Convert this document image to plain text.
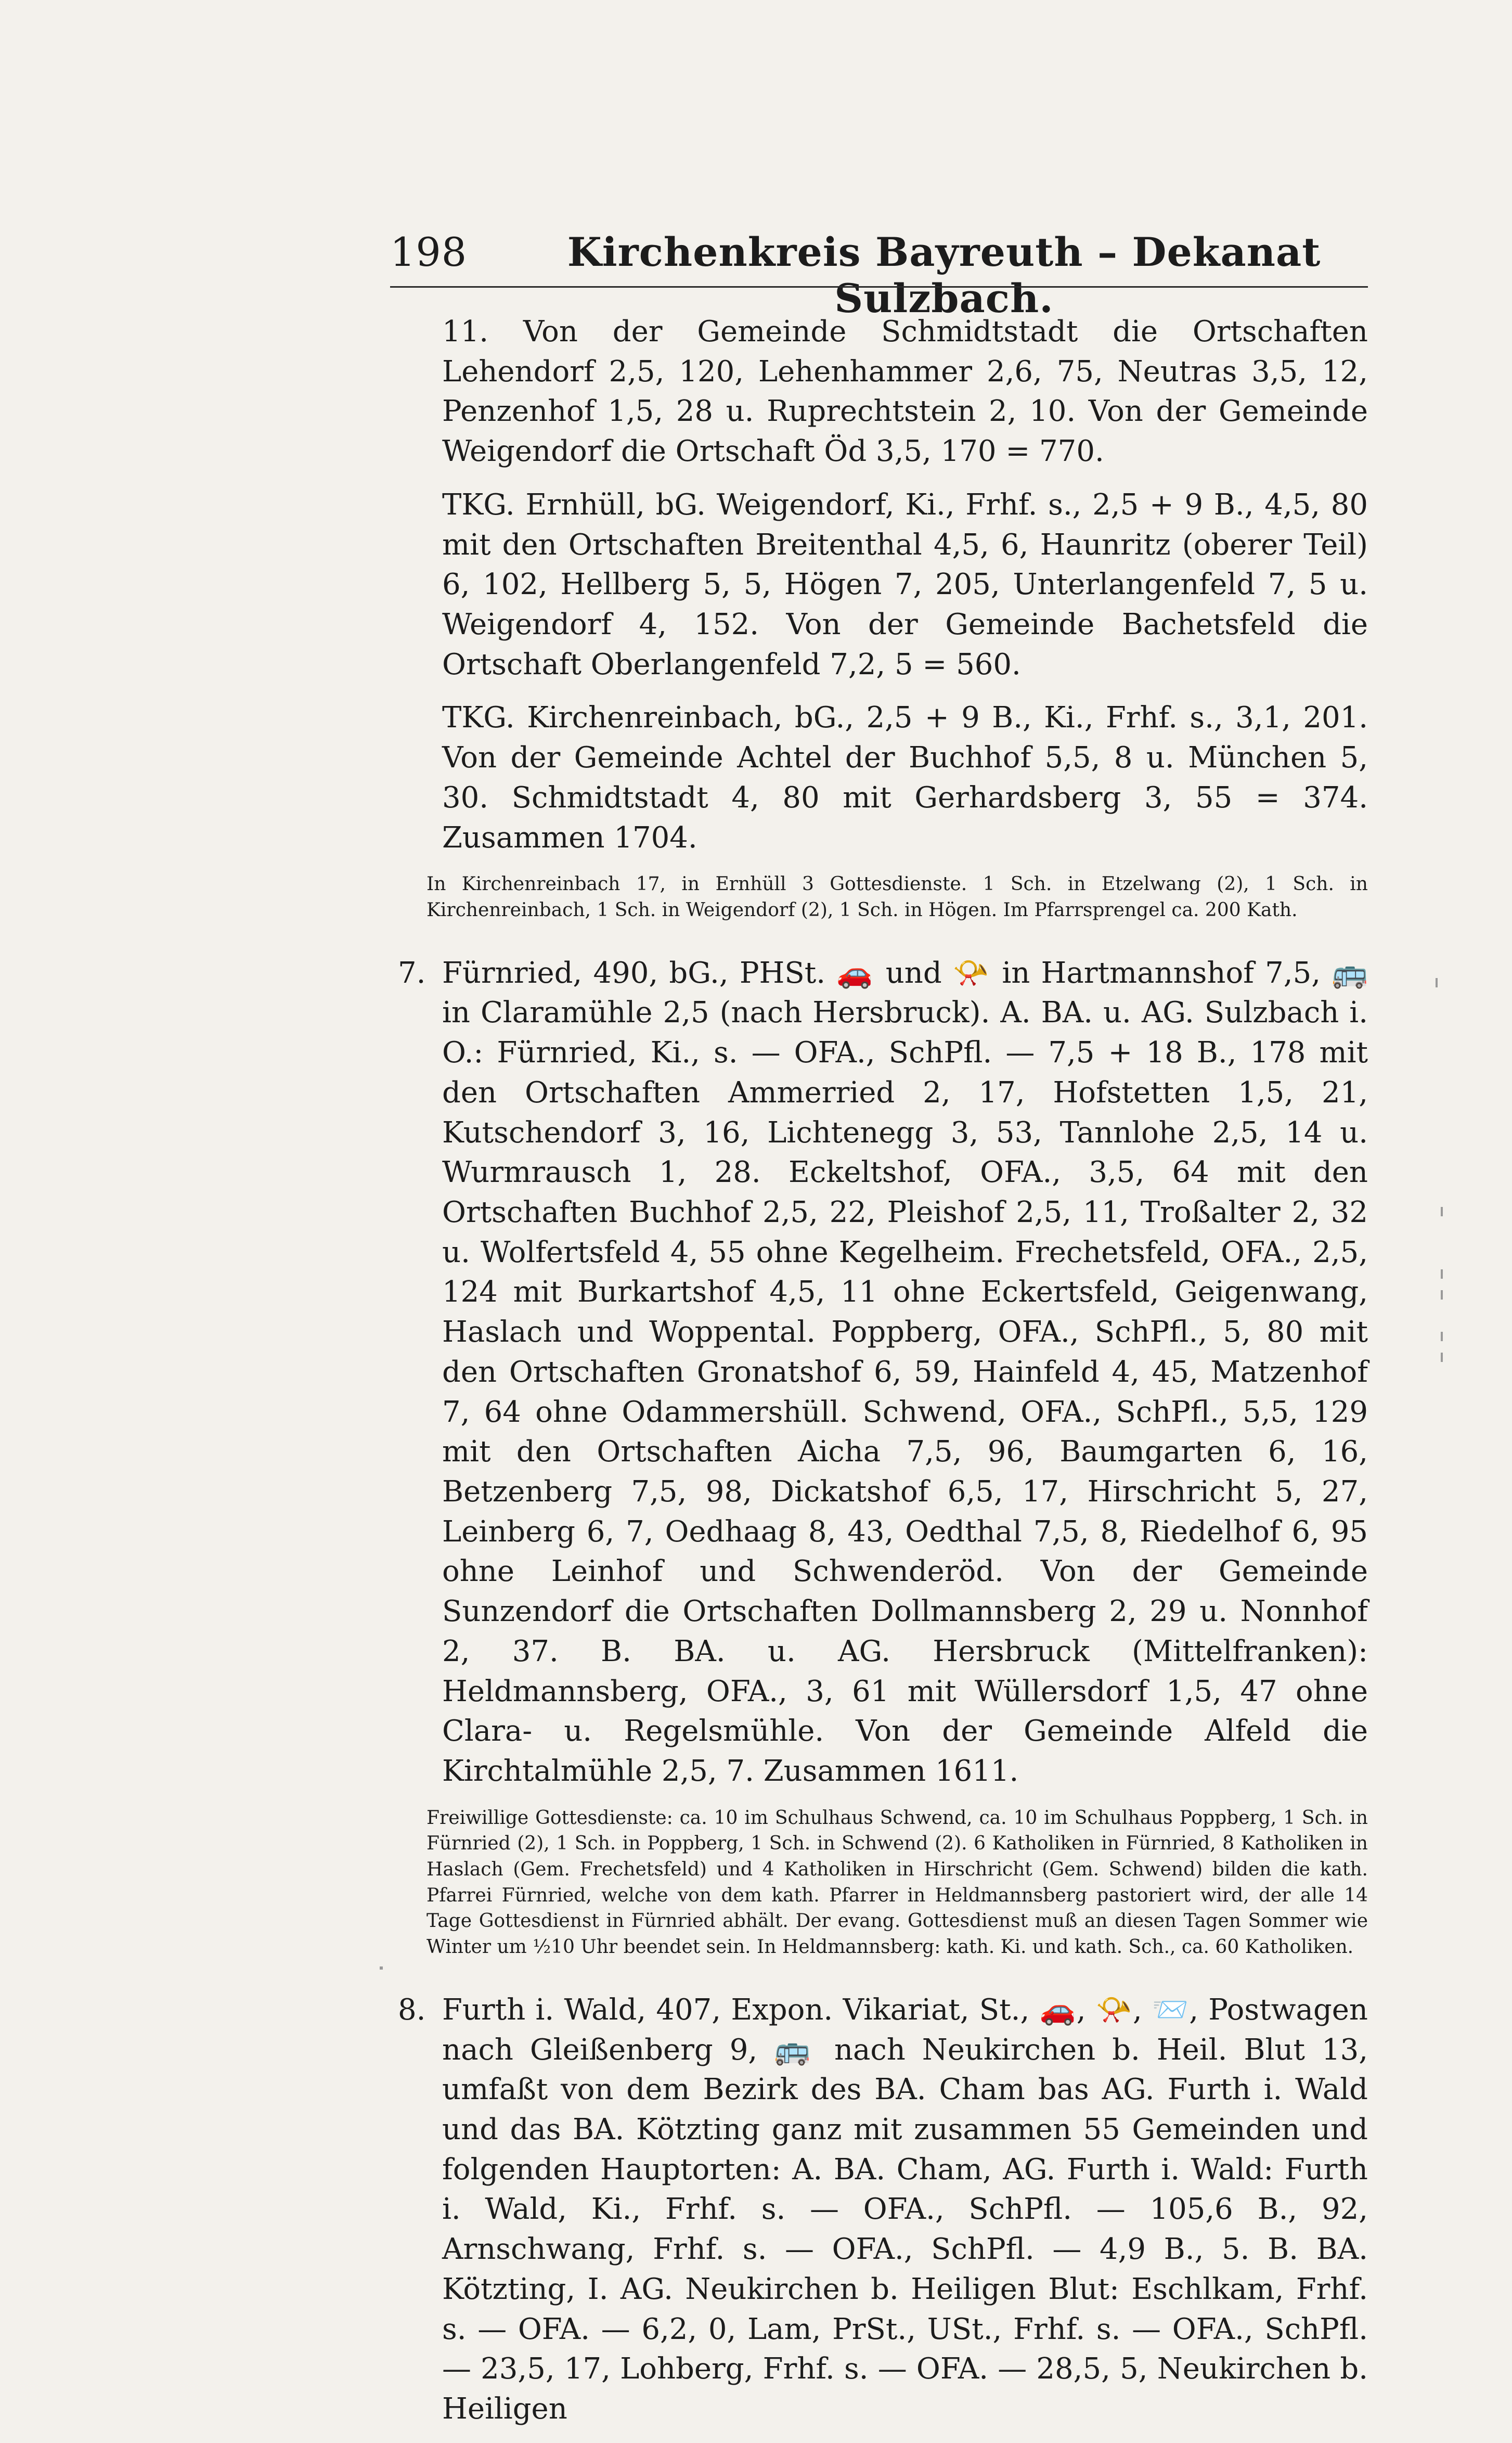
198	Kirchenkreis Bayreuth – Dekanat Sulzbach.

11. Von der Gemeinde Schmidtstadt die Ortschaften Lehendorf 2,5, 120, Lehenhammer 2,6, 75, Neutras 3,5, 12, Penzenhof 1,5, 28 u. Ruprechtstein 2, 10. Von der Gemeinde Weigendorf die Ortschaft Öd 3,5, 170 = 770.

TKG. Ernhüll, bG. Weigendorf, Ki., Frhf. s., 2,5 + 9 B., 4,5, 80 mit den Ortschaften Breitenthal 4,5, 6, Haunritz (oberer Teil) 6, 102, Hellberg 5, 5, Högen 7, 205, Unterlangenfeld 7, 5 u. Weigendorf 4, 152. Von der Gemeinde Bachetsfeld die Ortschaft Oberlangenfeld 7,2, 5 = 560.

TKG. Kirchenreinbach, bG., 2,5 + 9 B., Ki., Frhf. s., 3,1, 201. Von der Gemeinde Achtel der Buchhof 5,5, 8 u. München 5, 30. Schmidtstadt 4, 80 mit Gerhardsberg 3, 55 = 374. Zusammen 1704.

In Kirchenreinbach 17, in Ernhüll 3 Gottesdienste. 1 Sch. in Etzelwang (2), 1 Sch. in Kirchenreinbach, 1 Sch. in Weigendorf (2), 1 Sch. in Högen. Im Pfarrsprengel ca. 200 Kath.

7. Fürnried, 490, bG., PHSt. 🚗 und 📯 in Hartmannshof 7,5, 🚌 in Claramühle 2,5 (nach Hersbruck). A. BA. u. AG. Sulzbach i. O.: Fürnried, Ki., s. — OFA., SchPfl. — 7,5 + 18 B., 178 mit den Ortschaften Ammerried 2, 17, Hofstetten 1,5, 21, Kutschendorf 3, 16, Lichtenegg 3, 53, Tannlohe 2,5, 14 u. Wurmrausch 1, 28. Eckeltshof, OFA., 3,5, 64 mit den Ortschaften Buchhof 2,5, 22, Pleishof 2,5, 11, Troßalter 2, 32 u. Wolfertsfeld 4, 55 ohne Kegelheim. Frechetsfeld, OFA., 2,5, 124 mit Burkartshof 4,5, 11 ohne Eckertsfeld, Geigenwang, Haslach und Woppental. Poppberg, OFA., SchPfl., 5, 80 mit den Ortschaften Gronatshof 6, 59, Hainfeld 4, 45, Matzenhof 7, 64 ohne Odammershüll. Schwend, OFA., SchPfl., 5,5, 129 mit den Ortschaften Aicha 7,5, 96, Baumgarten 6, 16, Betzenberg 7,5, 98, Dickatshof 6,5, 17, Hirschricht 5, 27, Leinberg 6, 7, Oedhaag 8, 43, Oedthal 7,5, 8, Riedelhof 6, 95 ohne Leinhof und Schwenderöd. Von der Gemeinde Sunzendorf die Ortschaften Dollmannsberg 2, 29 u. Nonnhof 2, 37. B. BA. u. AG. Hersbruck (Mittelfranken): Heldmannsberg, OFA., 3, 61 mit Wüllersdorf 1,5, 47 ohne Clara- u. Regelsmühle. Von der Gemeinde Alfeld die Kirchtalmühle 2,5, 7. Zusammen 1611.

Freiwillige Gottesdienste: ca. 10 im Schulhaus Schwend, ca. 10 im Schulhaus Poppberg, 1 Sch. in Fürnried (2), 1 Sch. in Poppberg, 1 Sch. in Schwend (2). 6 Katholiken in Fürnried, 8 Katholiken in Haslach (Gem. Frechetsfeld) und 4 Katholiken in Hirschricht (Gem. Schwend) bilden die kath. Pfarrei Fürnried, welche von dem kath. Pfarrer in Heldmannsberg pastoriert wird, der alle 14 Tage Gottesdienst in Fürnried abhält. Der evang. Gottesdienst muß an diesen Tagen Sommer wie Winter um ½10 Uhr beendet sein. In Heldmannsberg: kath. Ki. und kath. Sch., ca. 60 Katholiken.

8. Furth i. Wald, 407, Expon. Vikariat, St., 🚗, 📯, 📨, Postwagen nach Gleißenberg 9, 🚌 nach Neukirchen b. Heil. Blut 13, umfaßt von dem Bezirk des BA. Cham bas AG. Furth i. Wald und das BA. Kötzting ganz mit zusammen 55 Gemeinden und folgenden Hauptorten: A. BA. Cham, AG. Furth i. Wald: Furth i. Wald, Ki., Frhf. s. — OFA., SchPfl. — 105,6 B., 92, Arnschwang, Frhf. s. — OFA., SchPfl. — 4,9 B., 5. B. BA. Kötzting, I. AG. Neukirchen b. Heiligen Blut: Eschlkam, Frhf. s. — OFA. — 6,2, 0, Lam, PrSt., USt., Frhf. s. — OFA., SchPfl. — 23,5, 17, Lohberg, Frhf. s. — OFA. — 28,5, 5, Neukirchen b. Heiligen
